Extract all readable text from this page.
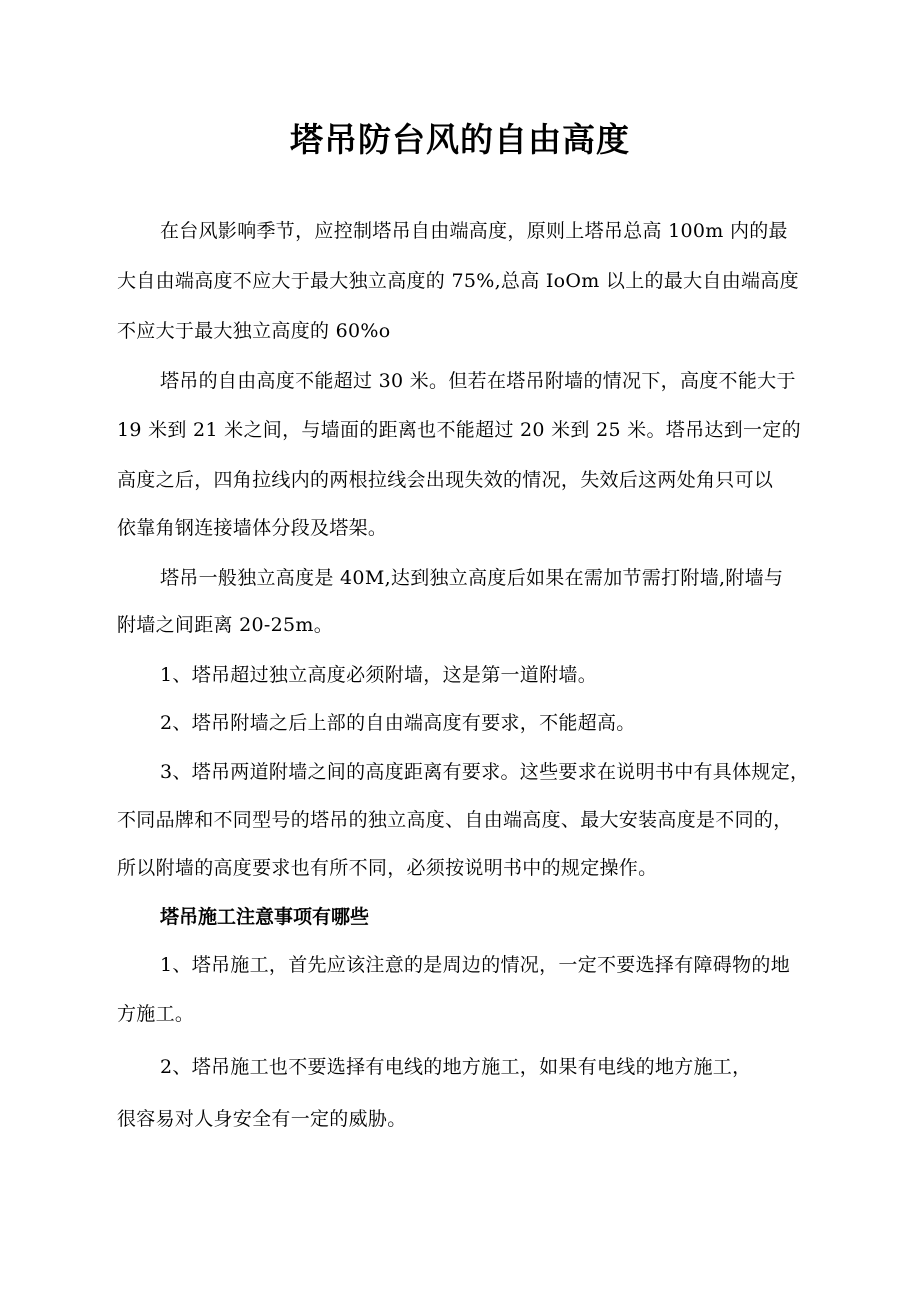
塔吊防台风的自由高度
在台风影响季节，应控制塔吊自由端高度，原则上塔吊总高 100m 内的最
大自由端高度不应大于最大独立高度的 75%,总高 IoOm 以上的最大自由端高度
不应大于最大独立高度的 60%o
塔吊的自由高度不能超过 30 米。但若在塔吊附墙的情况下，高度不能大于
19 米到 21 米之间，与墙面的距离也不能超过 20 米到 25 米。塔吊达到一定的
高度之后，四角拉线内的两根拉线会出现失效的情况，失效后这两处角只可以
依靠角钢连接墙体分段及塔架。
塔吊一般独立高度是 40M,达到独立高度后如果在需加节需打附墙,附墙与
附墙之间距离 20-25m。
1、塔吊超过独立高度必须附墙，这是第一道附墙。
2、塔吊附墙之后上部的自由端高度有要求，不能超高。
3、塔吊两道附墙之间的高度距离有要求。这些要求在说明书中有具体规定，
不同品牌和不同型号的塔吊的独立高度、自由端高度、最大安装高度是不同的，
所以附墙的高度要求也有所不同，必须按说明书中的规定操作。
塔吊施工注意事项有哪些
1、塔吊施工，首先应该注意的是周边的情况，一定不要选择有障碍物的地
方施工。
2、塔吊施工也不要选择有电线的地方施工，如果有电线的地方施工，
很容易对人身安全有一定的威胁。
